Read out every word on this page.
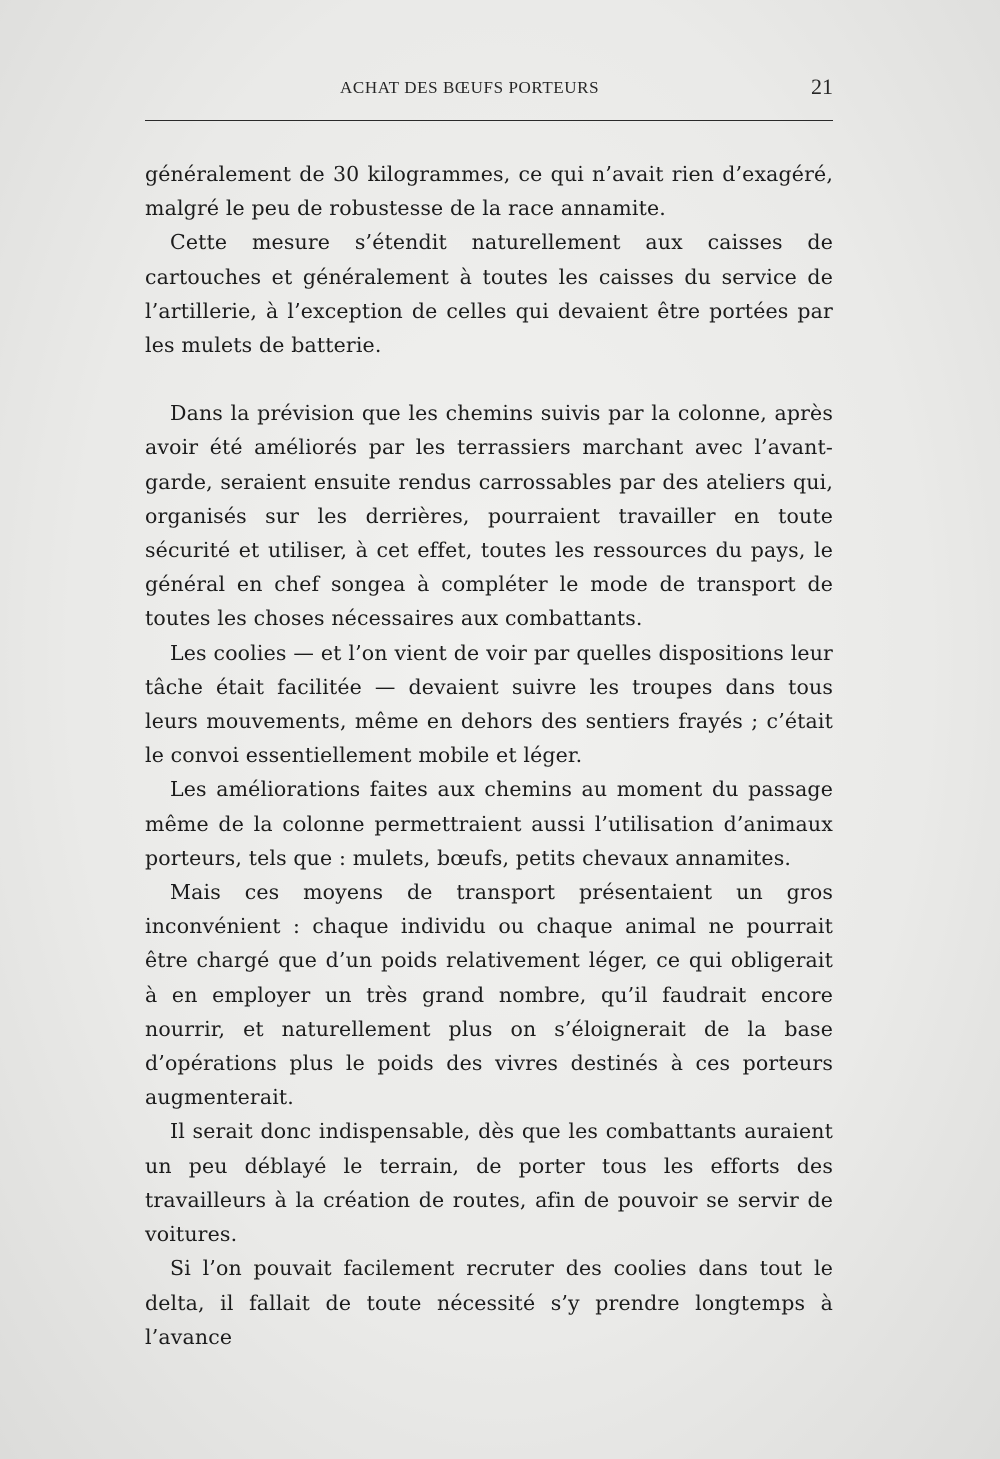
ACHAT DES BŒUFS PORTEURS	21

généralement de 30 kilogrammes, ce qui n’avait rien d’exagéré, malgré le peu de robustesse de la race annamite.

Cette mesure s’étendit naturellement aux caisses de cartouches et généralement à toutes les caisses du service de l’artillerie, à l’exception de celles qui devaient être portées par les mulets de batterie.

Dans la prévision que les chemins suivis par la colonne, après avoir été améliorés par les terrassiers marchant avec l’avant-garde, seraient ensuite rendus carrossables par des ateliers qui, organisés sur les derrières, pourraient travailler en toute sécurité et utiliser, à cet effet, toutes les ressources du pays, le général en chef songea à compléter le mode de transport de toutes les choses nécessaires aux combattants.

Les coolies — et l’on vient de voir par quelles dispositions leur tâche était facilitée — devaient suivre les troupes dans tous leurs mouvements, même en dehors des sentiers frayés ; c’était le convoi essentiellement mobile et léger.

Les améliorations faites aux chemins au moment du passage même de la colonne permettraient aussi l’utilisation d’animaux porteurs, tels que : mulets, bœufs, petits chevaux annamites.

Mais ces moyens de transport présentaient un gros inconvénient : chaque individu ou chaque animal ne pourrait être chargé que d’un poids relativement léger, ce qui obligerait à en employer un très grand nombre, qu’il faudrait encore nourrir, et naturellement plus on s’éloignerait de la base d’opérations plus le poids des vivres destinés à ces porteurs augmenterait.

Il serait donc indispensable, dès que les combattants auraient un peu déblayé le terrain, de porter tous les efforts des travailleurs à la création de routes, afin de pouvoir se servir de voitures.

Si l’on pouvait facilement recruter des coolies dans tout le delta, il fallait de toute nécessité s’y prendre longtemps à l’avance
